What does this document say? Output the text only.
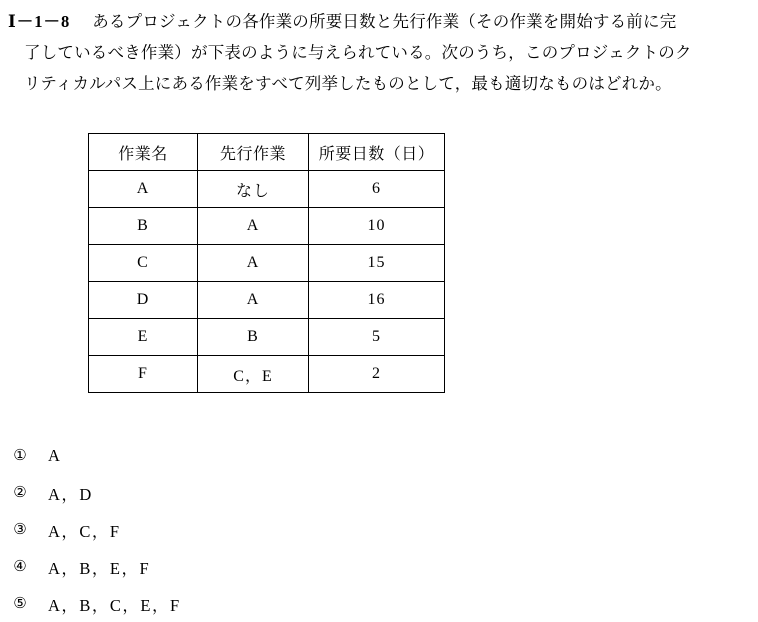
Ⅰ－1－8 あるプロジェクトの各作業の所要日数と先行作業（その作業を開始する前に完
了しているべき作業）が下表のように与えられている。次のうち，このプロジェクトのク
リティカルパス上にある作業をすべて列挙したものとして，最も適切なものはどれか。
作業名	先行作業	所要日数（日）
A	なし	6
B	A	10
C	A	15
D	A	16
E	B	5
F	C，E	2
① A
② A，D
③ A，C，F
④ A，B，E，F
⑤ A，B，C，E，F
